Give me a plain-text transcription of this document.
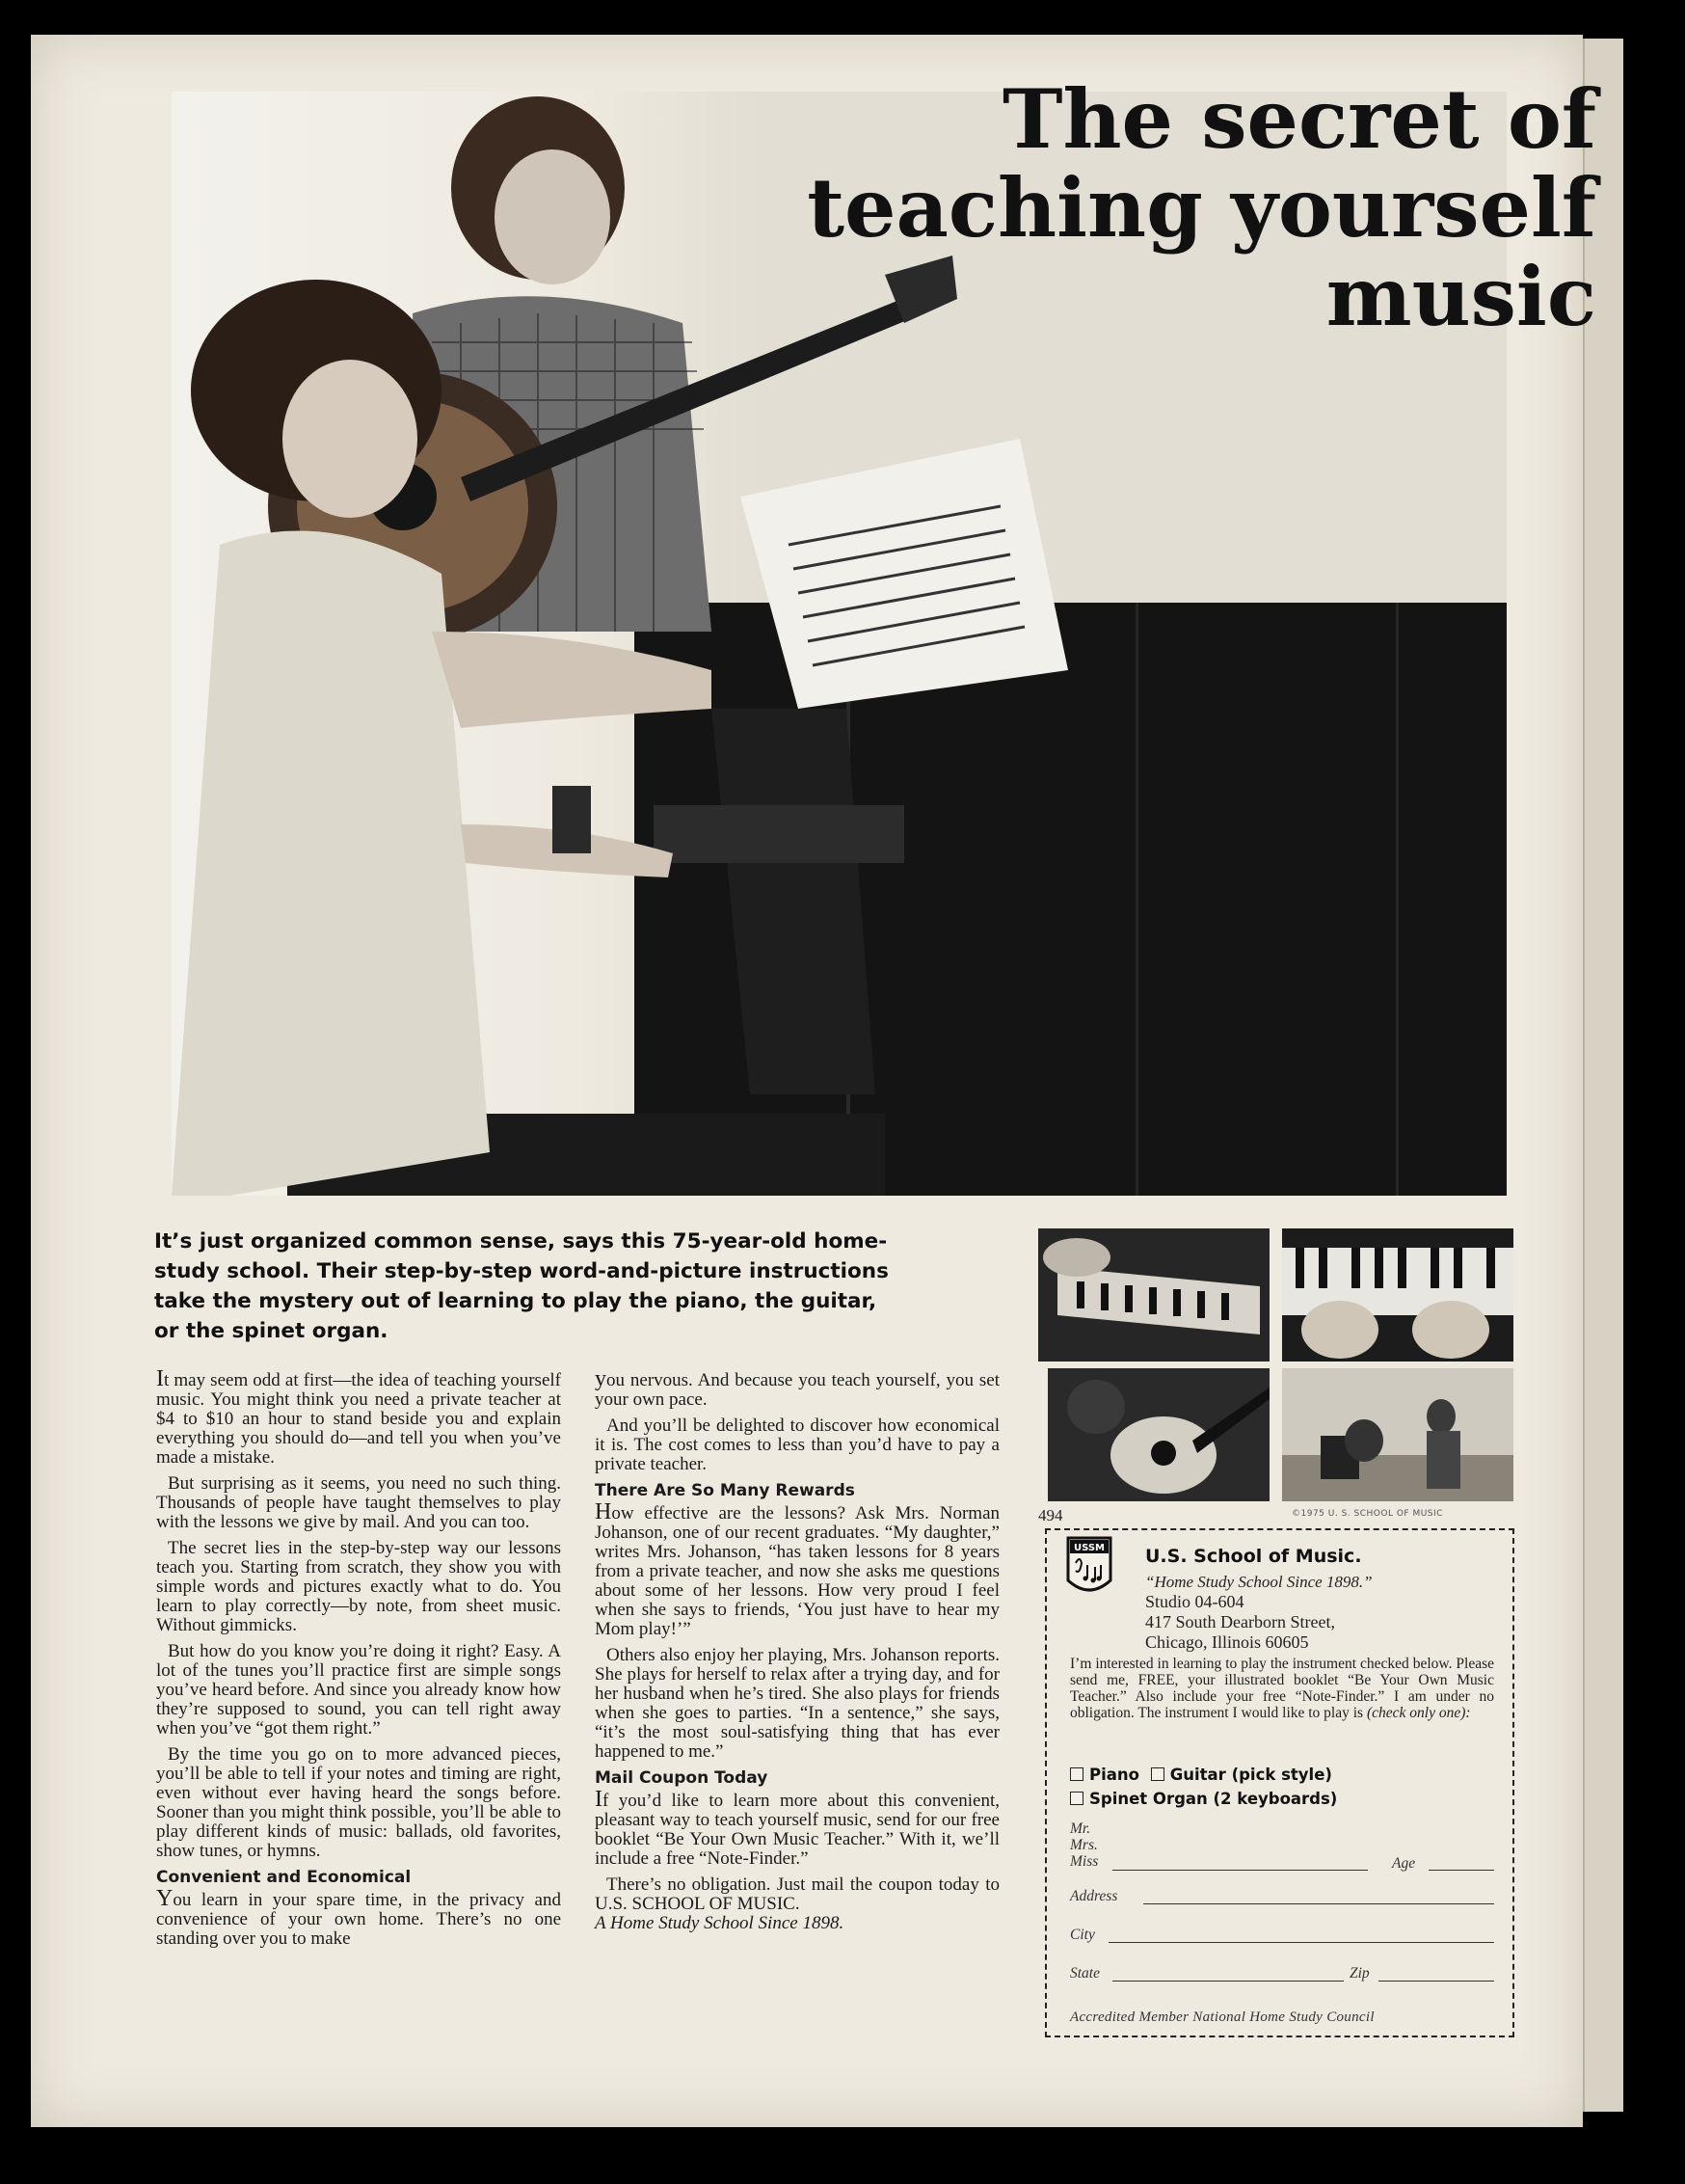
The secret of
teaching yourself
music

It’s just organized common sense, says this 75-year-old home-study school. Their step-by-step word-and-picture instructions take the mystery out of learning to play the piano, the guitar, or the spinet organ.

It may seem odd at first—the idea of teaching yourself music. You might think you need a private teacher at $4 to $10 an hour to stand beside you and explain everything you should do—and tell you when you’ve made a mistake.

But surprising as it seems, you need no such thing. Thousands of people have taught themselves to play with the lessons we give by mail. And you can too.

The secret lies in the step-by-step way our lessons teach you. Starting from scratch, they show you with simple words and pictures exactly what to do. You learn to play correctly—by note, from sheet music. Without gimmicks.

But how do you know you’re doing it right? Easy. A lot of the tunes you’ll practice first are simple songs you’ve heard before. And since you already know how they’re supposed to sound, you can tell right away when you’ve “got them right.”

By the time you go on to more advanced pieces, you’ll be able to tell if your notes and timing are right, even without ever having heard the songs before. Sooner than you might think possible, you’ll be able to play different kinds of music: ballads, old favorites, show tunes, or hymns.

Convenient and Economical

You learn in your spare time, in the privacy and convenience of your own home. There’s no one standing over you to make

you nervous. And because you teach yourself, you set your own pace.

And you’ll be delighted to discover how economical it is. The cost comes to less than you’d have to pay a private teacher.

There Are So Many Rewards

How effective are the lessons? Ask Mrs. Norman Johanson, one of our recent graduates. “My daughter,” writes Mrs. Johanson, “has taken lessons for 8 years from a private teacher, and now she asks me questions about some of her lessons. How very proud I feel when she says to friends, ‘You just have to hear my Mom play!’”

Others also enjoy her playing, Mrs. Johanson reports. She plays for herself to relax after a trying day, and for her husband when he’s tired. She also plays for friends when she goes to parties. “In a sentence,” she says, “it’s the most soul-satisfying thing that has ever happened to me.”

Mail Coupon Today

If you’d like to learn more about this convenient, pleasant way to teach yourself music, send for our free booklet “Be Your Own Music Teacher.” With it, we’ll include a free “Note-Finder.”

There’s no obligation. Just mail the coupon today to U.S. SCHOOL OF MUSIC.
A Home Study School Since 1898.

©1975 U. S. SCHOOL OF MUSIC
494
USSM U.S. School of Music.
“Home Study School Since 1898.”
Studio 04-604
417 South Dearborn Street,
Chicago, Illinois 60605

I’m interested in learning to play the instrument checked below. Please send me, FREE, your illustrated booklet “Be Your Own Music Teacher.” Also include your free “Note-Finder.” I am under no obligation. The instrument I would like to play is (check only one):

Piano Guitar (pick style)
Spinet Organ (2 keyboards)
Mr.
Mrs.
Miss	Age
Address
City
State	Zip
Accredited Member National Home Study Council
